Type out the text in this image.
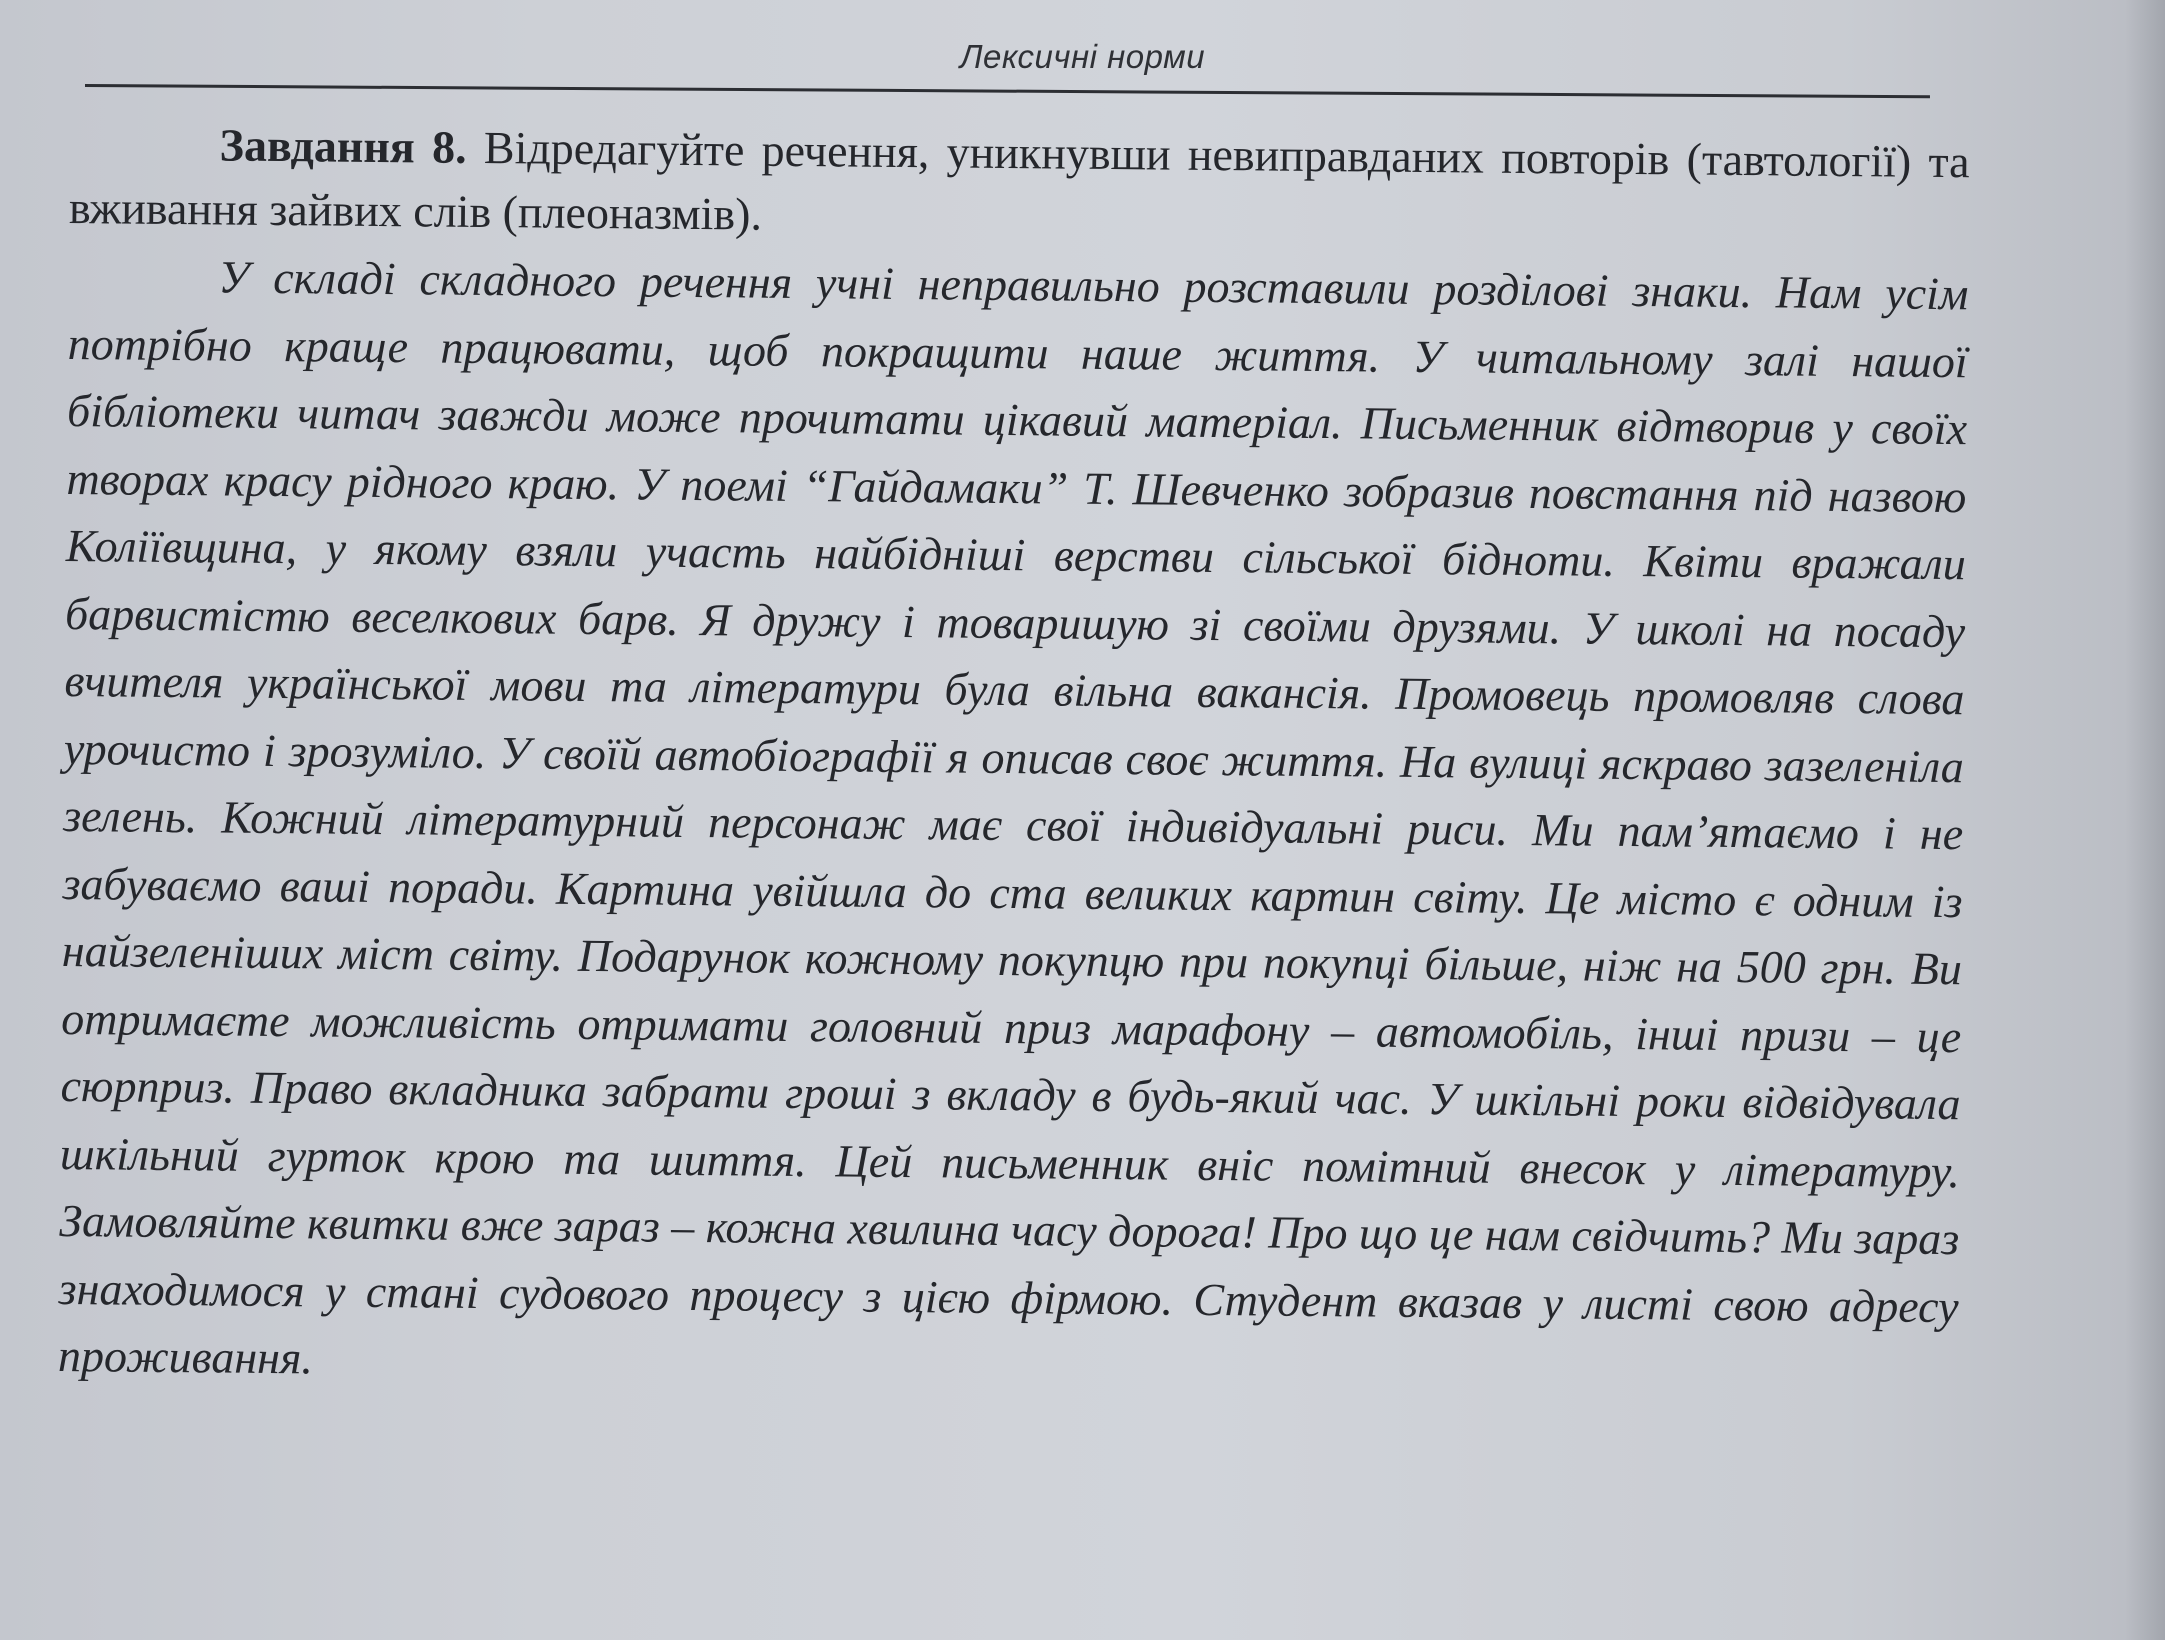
Лексичні норми

Завдання 8. Відредагуйте речення, уникнувши невиправданих повторів (тавтології) та вживання зайвих слів (плеоназмів).

У складі складного речення учні неправильно розставили розділові знаки. Нам усім потрібно краще працювати, щоб покращити наше життя. У читальному залі нашої бібліотеки читач завжди може прочитати цікавий матеріал. Письменник відтворив у своїх творах красу рідного краю. У поемі “Гайдамаки” Т. Шевченко зобразив повстання під назвою Коліївщина, у якому взяли участь найбідніші верстви сільської бідноти. Квіти вражали барвистістю веселкових барв. Я дружу і товаришую зі своїми друзями. У школі на посаду вчителя української мови та літератури була вільна вакансія. Промовець промовляв слова урочисто і зрозуміло. У своїй автобіографії я описав своє життя. На вулиці яскраво зазеленіла зелень. Кожний літературний персонаж має свої індивідуальні риси. Ми пам’ятаємо і не забуваємо ваші поради. Картина увійшла до ста великих картин світу. Це місто є одним із найзеленіших міст світу. Подарунок кожному покупцю при покупці більше, ніж на 500 грн. Ви отримаєте можливість отримати головний приз марафону – автомобіль, інші призи – це сюрприз. Право вкладника забрати гроші з вкладу в будь-який час. У шкільні роки відвідувала шкільний гурток крою та шиття. Цей письменник вніс помітний внесок у літературу. Замовляйте квитки вже зараз – кожна хвилина часу дорога! Про що це нам свідчить? Ми зараз знаходимося у стані судового процесу з цією фірмою. Студент вказав у листі свою адресу проживання.
